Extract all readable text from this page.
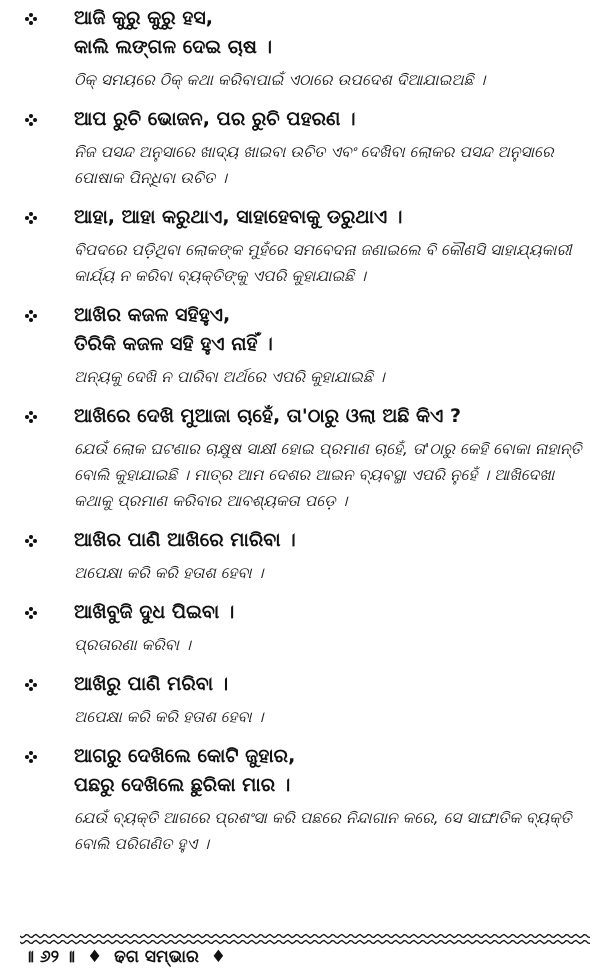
ଆଜି କୁରୁ କୁରୁ ହସ,
କାଲି ଲଙ୍ଗଳ ଦେଇ ଚାଷ ।
ଠିକ୍ ସମୟରେ ଠିକ୍ କଥା କରିବାପାଇଁ ଏଠାରେ ଉପଦେଶ ଦିଆଯାଇଅଛି ।
ଆପ ରୁଚି ଭୋଜନ, ପର ରୁଚି ପହରଣ ।
ନିଜ ପସନ୍ଦ ଅନୁସାରେ ଖାଦ୍ୟ ଖାଇବା ଉଚିତ ଏବଂ ଦେଖିବା ଲୋକର ପସନ୍ଦ ଅନୁସାରେ ପୋଷାକ ପିନ୍ଧିବା ଉଚିତ ।
ଆହା, ଆହା କରୁଥାଏ, ସାହାହେବାକୁ ଡରୁଥାଏ ।
ବିପଦରେ ପଡ଼ିଥିବା ଲୋକଙ୍କ ମୁହଁରେ ସମବେଦନା ଜଣାଇଲେ ବି କୌଣସି ସାହାଯ୍ୟକାରୀ କାର୍ଯ୍ୟ ନ କରିବା ବ୍ୟକ୍ତିଙ୍କୁ ଏପରି କୁହାଯାଇଛି ।
ଆଖିର କଜଳ ସହିହୁଏ,
ତିରିକି କଜଳ ସହି ହୁଏ ନାହିଁ ।
ଅନ୍ୟକୁ ଦେଖି ନ ପାରିବା ଅର୍ଥରେ ଏପରି କୁହାଯାଇଛି ।
ଆଖିରେ ଦେଖି ମୁଆଜା ଚାହେଁ, ତା'ଠାରୁ ଓଲା ଅଛି କିଏ ?
ଯେଉଁ ଲୋକ ଘଟଣାର ଚାକ୍ଷୁଷ ସାକ୍ଷୀ ହୋଇ ପ୍ରମାଣ ଚାହେଁ, ତା'ଠାରୁ କେହି ବୋକା ନାହାନ୍ତି ବୋଲି କୁହାଯାଇଛି । ମାତ୍ର ଆମ ଦେଶର ଆଇନ ବ୍ୟବସ୍ଥା ଏପରି ନୁହେଁ । ଆଖିଦେଖା କଥାକୁ ପ୍ରମାଣ କରିବାର ଆବଶ୍ୟକତା ପଡ଼େ ।
ଆଖିର ପାଣି ଆଖିରେ ମାରିବା ।
ଅପେକ୍ଷା କରି କରି ହତାଶ ହେବା ।
ଆଖିବୁଜି ଦୁଧ ପିଇବା ।
ପ୍ରତାରଣା କରିବା ।
ଆଖିରୁ ପାଣି ମରିବା ।
ଅପେକ୍ଷା କରି କରି ହତାଶ ହେବା ।
ଆଗରୁ ଦେଖିଲେ କୋଟି ଜୁହାର,
ପଛରୁ ଦେଖିଲେ ଛୁରିକା ମାର ।
ଯେଉଁ ବ୍ୟକ୍ତି ଆଗରେ ପ୍ରଶଂସା କରି ପଛରେ ନିନ୍ଦାଗାନ କରେ, ସେ ସାଙ୍ଘାତିକ ବ୍ୟକ୍ତି ବୋଲି ପରିଗଣିତ ହୁଏ ।
॥ ୬୨ ॥ ♦ ଢଗ ସମ୍ଭାର ♦
